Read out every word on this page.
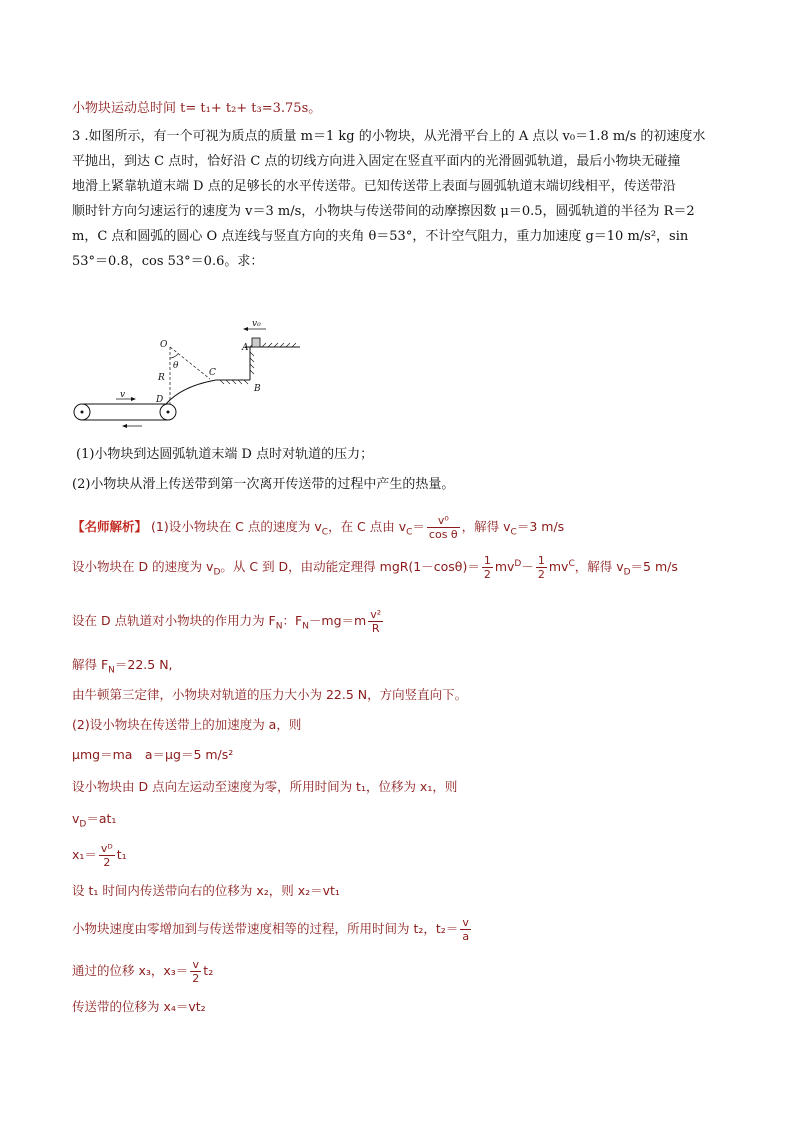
小物块运动总时间 t= t₁+ t₂+ t₃=3.75s。
3 .如图所示，有一个可视为质点的质量 m＝1 kg 的小物块，从光滑平台上的 A 点以 v₀＝1.8 m/s 的初速度水
平抛出，到达 C 点时，恰好沿 C 点的切线方向进入固定在竖直平面内的光滑圆弧轨道，最后小物块无碰撞
地滑上紧靠轨道末端 D 点的足够长的水平传送带。已知传送带上表面与圆弧轨道末端切线相平，传送带沿
顺时针方向匀速运行的速度为 v＝3 m/s，小物块与传送带间的动摩擦因数 μ＝0.5，圆弧轨道的半径为 R＝2
m，C 点和圆弧的圆心 O 点连线与竖直方向的夹角 θ＝53°，不计空气阻力，重力加速度 g＝10 m/s²，sin
53°＝0.8，cos 53°＝0.6。求：
O
θ
R	C
A
B
D
v
v₀
(1)小物块到达圆弧轨道末端 D 点时对轨道的压力；
(2)小物块从滑上传送带到第一次离开传送带的过程中产生的热量。
【名师解析】 (1)设小物块在 C 点的速度为 $v_C$，在 C 点由 $v_C= \frac{\text{v⁰}}{\text{cos θ}}$ ，解得 $v_C=3$ m/s
设小物块在 D 的速度为 $v_D$。从 C 到 D，由动能定理得 $mgR(1-\cos\theta)= \frac{1}{2} mv^D- \frac{1}{2} mv^C$，解得 $v_D=5$ m/s
设在 D 点轨道对小物块的作用力为 $F_N$：$F_N-mg=m \frac{\text{v²}}{R}$
解得 $F_N=22.5$ N,
由牛顿第三定律，小物块对轨道的压力大小为 22.5 N，方向竖直向下。
(2)设小物块在传送带上的加速度为 a，则
μmg＝ma　a＝μg＝5 m/s²
设小物块由 D 点向左运动至速度为零，所用时间为 t₁，位移为 x₁，则
$v_D=at_1$
$x_1= \frac{\text{vᴰ}}{2} t_1$
设 t₁ 时间内传送带向右的位移为 x₂，则 x₂＝vt₁
小物块速度由零增加到与传送带速度相等的过程，所用时间为 t₂，$t_2= \frac{v}{a}$
通过的位移 x₃，$x_3= \frac{v}{2} t_2$
传送带的位移为 x₄＝vt₂
